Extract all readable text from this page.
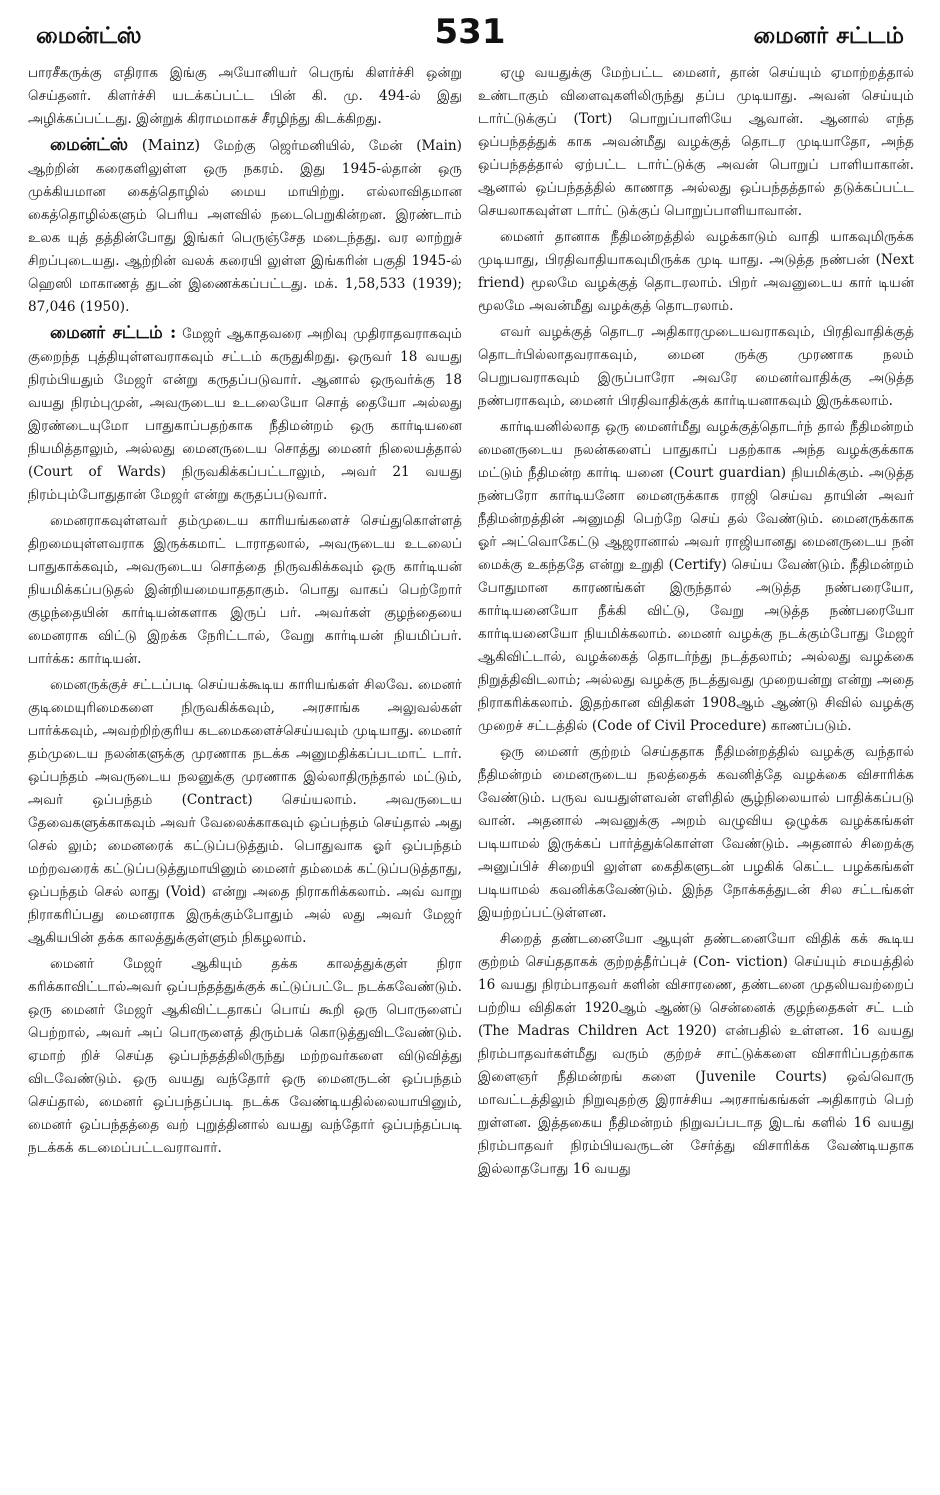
மைன்ட்ஸ்	531	மைனர் சட்டம்

பாரசீகருக்கு எதிராக இங்கு அயோனியர் பெருங் கிளர்ச்சி ஒன்று செய்தனர். கிளர்ச்சி யடக்கப்பட்ட பின் கி. மு. 494-ல் இது அழிக்கப்பட்டது. இன்றுக் கிராமமாகச் சீரழிந்து கிடக்கிறது.

மைன்ட்ஸ் (Mainz) மேற்கு ஜெர்மனியில், மேன் (Main) ஆற்றின் கரைகளிலுள்ள ஒரு நகரம். இது 1945-ல்தான் ஒரு முக்கியமான கைத்தொழில் மைய மாயிற்று. எல்லாவிதமான கைத்தொழில்களும் பெரிய அளவில் நடைபெறுகின்றன. இரண்டாம் உலக யுத் தத்தின்போது இங்கர் பெருஞ்சேத மடைந்தது. வர லாற்றுச் சிறப்புடையது. ஆற்றின் வலக் கரையி லுள்ள இங்கரின் பகுதி 1945-ல் ஹெஸி மாகாணத் துடன் இணைக்கப்பட்டது. மக். 1,58,533 (1939); 87,046 (1950).

மைனர் சட்டம் : மேஜர் ஆகாதவரை அறிவு முதிராதவராகவும் குறைந்த புத்தியுள்ளவராகவும் சட்டம் கருதுகிறது. ஒருவர் 18 வயது நிரம்பியதும் மேஜர் என்று கருதப்படுவார். ஆனால் ஒருவர்க்கு 18 வயது நிரம்புமுன், அவருடைய உடலையோ சொத் தையோ அல்லது இரண்டையுமோ பாதுகாப்பதற்காக நீதிமன்றம் ஒரு கார்டியனை நியமித்தாலும், அல்லது மைனருடைய சொத்து மைனர் நிலையத்தால் (Court of Wards) நிருவகிக்கப்பட்டாலும், அவர் 21 வயது நிரம்பும்போதுதான் மேஜர் என்று கருதப்படுவார்.

மைனராகவுள்ளவர் தம்முடைய காரியங்களைச் செய்துகொள்ளத் திறமையுள்ளவராக இருக்கமாட் டாராதலால், அவருடைய உடலைப் பாதுகாக்கவும், அவருடைய சொத்தை நிருவகிக்கவும் ஒரு கார்டியன் நியமிக்கப்படுதல் இன்றியமையாததாகும். பொது வாகப் பெற்றோர் குழந்தையின் கார்டியன்களாக இருப் பர். அவர்கள் குழந்தையை மைனராக விட்டு இறக்க நேரிட்டால், வேறு கார்டியன் நியமிப்பர். பார்க்க: கார்டியன்.

மைனருக்குச் சட்டப்படி செய்யக்கூடிய காரியங்கள் சிலவே. மைனர் குடிமையுரிமைகளை நிருவகிக்கவும், அரசாங்க அலுவல்கள் பார்க்கவும், அவற்றிற்குரிய கடமைகளைச்செய்யவும் முடியாது. மைனர் தம்முடைய நலன்களுக்கு முரணாக நடக்க அனுமதிக்கப்படமாட் டார். ஒப்பந்தம் அவருடைய நலனுக்கு முரணாக இல்லாதிருந்தால் மட்டும், அவர் ஒப்பந்தம் (Contract) செய்யலாம். அவருடைய தேவைகளுக்காகவும் அவர் வேலைக்காகவும் ஒப்பந்தம் செய்தால் அது செல் லும்; மைனரைக் கட்டுப்படுத்தும். பொதுவாக ஓர் ஒப்பந்தம் மற்றவரைக் கட்டுப்படுத்துமாயினும் மைனர் தம்மைக் கட்டுப்படுத்தாது, ஒப்பந்தம் செல் லாது (Void) என்று அதை நிராகரிக்கலாம். அவ் வாறு நிராகரிப்பது மைனராக இருக்கும்போதும் அல் லது அவர் மேஜர் ஆகியபின் தக்க காலத்துக்குள்ளும் நிகழலாம்.

மைனர் மேஜர் ஆகியும் தக்க காலத்துக்குள் நிரா கரிக்காவிட்டால்அவர் ஒப்பந்தத்துக்குக் கட்டுப்பட்டே நடக்கவேண்டும். ஒரு மைனர் மேஜர் ஆகிவிட்டதாகப் பொய் கூறி ஒரு பொருளைப் பெற்றால், அவர் அப் பொருளைத் திரும்பக் கொடுத்துவிடவேண்டும். ஏமாற் றிச் செய்த ஒப்பந்தத்திலிருந்து மற்றவர்களை விடுவித்து விடவேண்டும். ஒரு வயது வந்தோர் ஒரு மைனருடன் ஒப்பந்தம் செய்தால், மைனர் ஒப்பந்தப்படி நடக்க வேண்டியதில்லையாயினும், மைனர் ஒப்பந்தத்தை வற் புறுத்தினால் வயது வந்தோர் ஒப்பந்தப்படி நடக்கக் கடமைப்பட்டவராவார்.

ஏழு வயதுக்கு மேற்பட்ட மைனர், தான் செய்யும் ஏமாற்றத்தால் உண்டாகும் விளைவுகளிலிருந்து தப்ப முடியாது. அவன் செய்யும் டார்ட்டுக்குப் (Tort) பொறுப்பாளியே ஆவான். ஆனால் எந்த ஒப்பந்தத்துக் காக அவன்மீது வழக்குத் தொடர முடியாதோ, அந்த ஒப்பந்தத்தால் ஏற்பட்ட டார்ட்டுக்கு அவன் பொறுப் பாளியாகான். ஆனால் ஒப்பந்தத்தில் காணாத அல்லது ஒப்பந்தத்தால் தடுக்கப்பட்ட செயலாகவுள்ள டார்ட் டுக்குப் பொறுப்பாளியாவான்.

மைனர் தானாக நீதிமன்றத்தில் வழக்காடும் வாதி யாகவுமிருக்க முடியாது, பிரதிவாதியாகவுமிருக்க முடி யாது. அடுத்த நண்பன் (Next friend) மூலமே வழக்குத் தொடரலாம். பிறர் அவனுடைய கார் டியன் மூலமே அவன்மீது வழக்குத் தொடரலாம்.

எவர் வழக்குத் தொடர அதிகாரமுடையவராகவும், பிரதிவாதிக்குத் தொடர்பில்லாதவராகவும், மைன ருக்கு முரணாக நலம் பெறுபவராகவும் இருப்பாரோ அவரே மைனர்வாதிக்கு அடுத்த நண்பராகவும், மைனர் பிரதிவாதிக்குக் கார்டியனாகவும் இருக்கலாம்.

கார்டியனில்லாத ஒரு மைனர்மீது வழக்குத்தொடர்ந் தால் நீதிமன்றம் மைனருடைய நலன்களைப் பாதுகாப் பதற்காக அந்த வழக்குக்காக மட்டும் நீதிமன்ற கார்டி யனை (Court guardian) நியமிக்கும். அடுத்த நண்பரோ கார்டியனோ மைனருக்காக ராஜி செய்வ தாயின் அவர் நீதிமன்றத்தின் அனுமதி பெற்றே செய் தல் வேண்டும். மைனருக்காக ஓர் அட்வொகேட்டு ஆஜரானால் அவர் ராஜியானது மைனருடைய நன் மைக்கு உகந்ததே என்று உறுதி (Certify) செய்ய வேண்டும். நீதிமன்றம் போதுமான காரணங்கள் இருந்தால் அடுத்த நண்பரையோ, கார்டியனையோ நீக்கி விட்டு, வேறு அடுத்த நண்பரையோ கார்டியனையோ நியமிக்கலாம். மைனர் வழக்கு நடக்கும்போது மேஜர் ஆகிவிட்டால், வழக்கைத் தொடர்ந்து நடத்தலாம்; அல்லது வழக்கை நிறுத்திவிடலாம்; அல்லது வழக்கு நடத்துவது முறையன்று என்று அதை நிராகரிக்கலாம். இதற்கான விதிகள் 1908ஆம் ஆண்டு சிவில் வழக்கு முறைச் சட்டத்தில் (Code of Civil Procedure) காணப்படும்.

ஒரு மைனர் குற்றம் செய்ததாக நீதிமன்றத்தில் வழக்கு வந்தால் நீதிமன்றம் மைனருடைய நலத்தைக் கவனித்தே வழக்கை விசாரிக்க வேண்டும். பருவ வயதுள்ளவன் எளிதில் சூழ்நிலையால் பாதிக்கப்படு வான். அதனால் அவனுக்கு அறம் வழுவிய ஒழுக்க வழக்கங்கள் படியாமல் இருக்கப் பார்த்துக்கொள்ள வேண்டும். அதனால் சிறைக்கு அனுப்பிச் சிறையி லுள்ள கைதிகளுடன் பழகிக் கெட்ட பழக்கங்கள் படியாமல் கவனிக்கவேண்டும். இந்த நோக்கத்துடன் சில சட்டங்கள் இயற்றப்பட்டுள்ளன.

சிறைத் தண்டனையோ ஆயுள் தண்டனையோ விதிக் கக் கூடிய குற்றம் செய்ததாகக் குற்றத்தீர்ப்புச் (Con- viction) செய்யும் சமயத்தில் 16 வயது நிரம்பாதவர் களின் விசாரணை, தண்டனை முதலியவற்றைப் பற்றிய விதிகள் 1920ஆம் ஆண்டு சென்னைக் குழந்தைகள் சட் டம் (The Madras Children Act 1920) என்பதில் உள்ளன. 16 வயது நிரம்பாதவர்கள்மீது வரும் குற்றச் சாட்டுக்களை விசாரிப்பதற்காக இளைஞர் நீதிமன்றங் களை (Juvenile Courts) ஒவ்வொரு மாவட்டத்திலும் நிறுவுதற்கு இராச்சிய அரசாங்கங்கள் அதிகாரம் பெற் றுள்ளன. இத்தகைய நீதிமன்றம் நிறுவப்படாத இடங் களில் 16 வயது நிரம்பாதவர் நிரம்பியவருடன் சேர்த்து விசாரிக்க வேண்டியதாக இல்லாதபோது 16 வயது
